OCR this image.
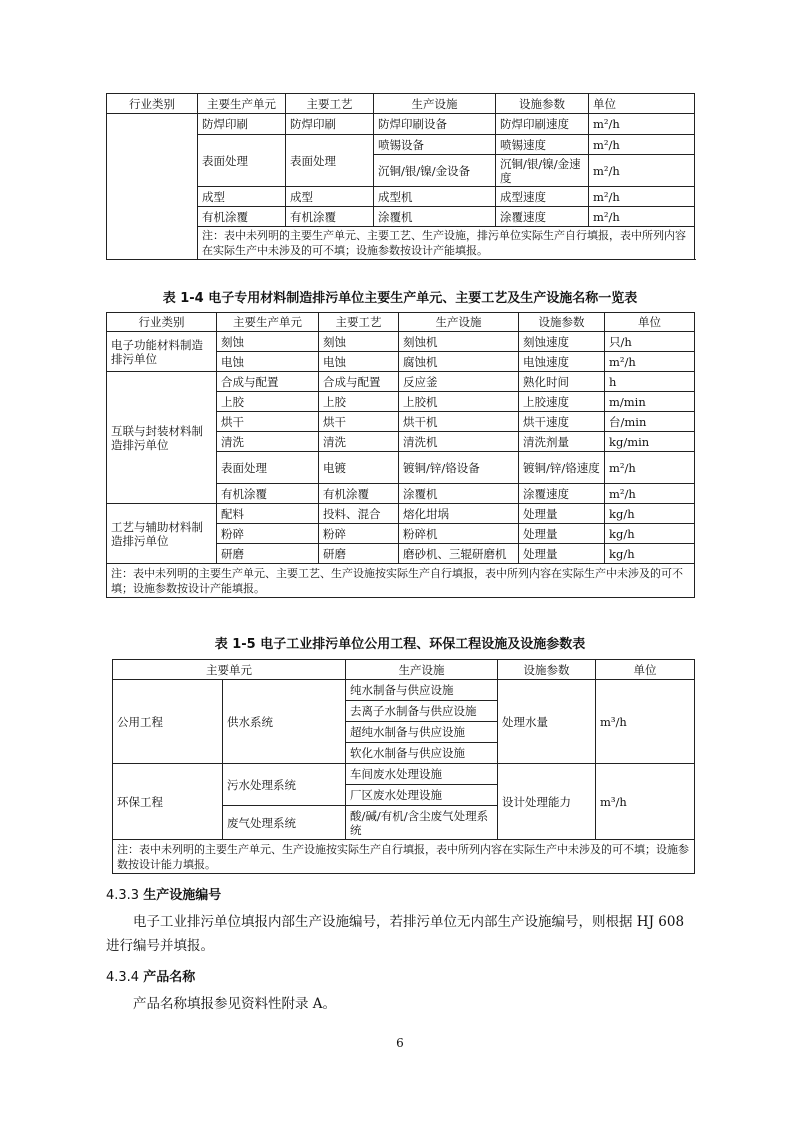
行业类别	主要生产单元	主要工艺	生产设施	设施参数	单位
	防焊印刷	防焊印刷	防焊印刷设备	防焊印刷速度	m²/h
	表面处理	表面处理	喷锡设备	喷锡速度	m²/h
			沉铜/银/镍/金设备	沉铜/银/镍/金速度	m²/h
	成型	成型	成型机	成型速度	m²/h
	有机涂覆	有机涂覆	涂覆机	涂覆速度	m²/h
	注：表中未列明的主要生产单元、主要工艺、生产设施，排污单位实际生产自行填报，表中所列内容在实际生产中未涉及的可不填；设施参数按设计产能填报。				
表 1-4 电子专用材料制造排污单位主要生产单元、主要工艺及生产设施名称一览表
行业类别	主要生产单元	主要工艺	生产设施	设施参数	单位
电子功能材料制造排污单位	刻蚀	刻蚀	刻蚀机	刻蚀速度	只/h
	电蚀	电蚀	腐蚀机	电蚀速度	m²/h
互联与封装材料制造排污单位	合成与配置	合成与配置	反应釜	熟化时间	h
	上胶	上胶	上胶机	上胶速度	m/min
	烘干	烘干	烘干机	烘干速度	台/min
	清洗	清洗	清洗机	清洗剂量	kg/min
	表面处理	电镀	镀铜/锌/铬设备	镀铜/锌/铬速度	m²/h
	有机涂覆	有机涂覆	涂覆机	涂覆速度	m²/h
工艺与辅助材料制造排污单位	配料	投料、混合	熔化坩埚	处理量	kg/h
	粉碎	粉碎	粉碎机	处理量	kg/h
	研磨	研磨	磨砂机、三辊研磨机	处理量	kg/h
注：表中未列明的主要生产单元、主要工艺、生产设施按实际生产自行填报，表中所列内容在实际生产中未涉及的可不填；设施参数按设计产能填报。					
表 1-5 电子工业排污单位公用工程、环保工程设施及设施参数表
主要单元		生产设施	设施参数	单位
公用工程	供水系统	纯水制备与供应设施	处理水量	m³/h
		去离子水制备与供应设施		
		超纯水制备与供应设施		
		软化水制备与供应设施		
环保工程	污水处理系统	车间废水处理设施	设计处理能力	m³/h
		厂区废水处理设施		
	废气处理系统	酸/碱/有机/含尘废气处理系统		
注：表中未列明的主要生产单元、生产设施按实际生产自行填报，表中所列内容在实际生产中未涉及的可不填；设施参数按设计能力填报。				
4.3.3 生产设施编号
电子工业排污单位填报内部生产设施编号，若排污单位无内部生产设施编号，则根据 HJ 608 进行编号并填报。
4.3.4 产品名称
产品名称填报参见资料性附录 A。
6
